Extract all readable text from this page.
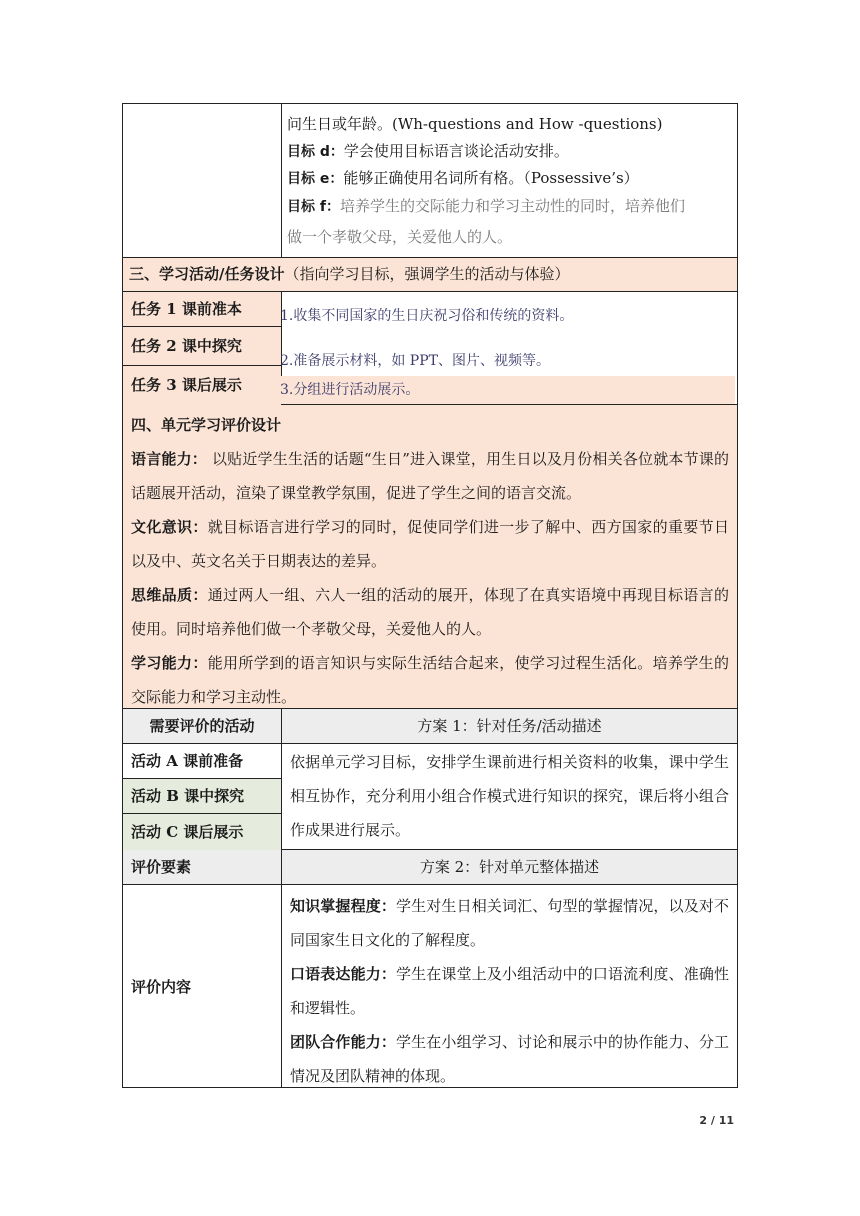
问生日或年龄。(Wh-questions and How -questions)

目标 d：学会使用目标语言谈论活动安排。

目标 e：能够正确使用名词所有格。（Possessive’s）

目标 f：培养学生的交际能力和学习主动性的同时，培养他们

做一个孝敬父母，关爱他人的人。

三、学习活动/任务设计（指向学习目标，强调学生的活动与体验）
任务 1 课前准本
任务 2 课中探究
任务 3 课后展示

1.收集不同国家的生日庆祝习俗和传统的资料。

2.准备展示材料，如 PPT、图片、视频等。

3.分组进行活动展示。

四、单元学习评价设计

语言能力： 以贴近学生生活的话题“生日”进入课堂，用生日以及月份相关各位就本节课的话题展开活动，渲染了课堂教学氛围，促进了学生之间的语言交流。

文化意识：就目标语言进行学习的同时，促使同学们进一步了解中、西方国家的重要节日以及中、英文名关于日期表达的差异。

思维品质：通过两人一组、六人一组的活动的展开，体现了在真实语境中再现目标语言的使用。同时培养他们做一个孝敬父母，关爱他人的人。

学习能力：能用所学到的语言知识与实际生活结合起来，使学习过程生活化。培养学生的交际能力和学习主动性。

需要评价的活动	方案 1：针对任务/活动描述
活动 A 课前准备
活动 B 课中探究
活动 C 课后展示
依据单元学习目标，安排学生课前进行相关资料的收集，课中学生相互协作，充分利用小组合作模式进行知识的探究，课后将小组合作成果进行展示。
评价要素	方案 2：针对单元整体描述
评价内容

知识掌握程度：学生对生日相关词汇、句型的掌握情况，以及对不同国家生日文化的了解程度。

口语表达能力：学生在课堂上及小组活动中的口语流利度、准确性和逻辑性。

团队合作能力：学生在小组学习、讨论和展示中的协作能力、分工情况及团队精神的体现。

2 / 11
